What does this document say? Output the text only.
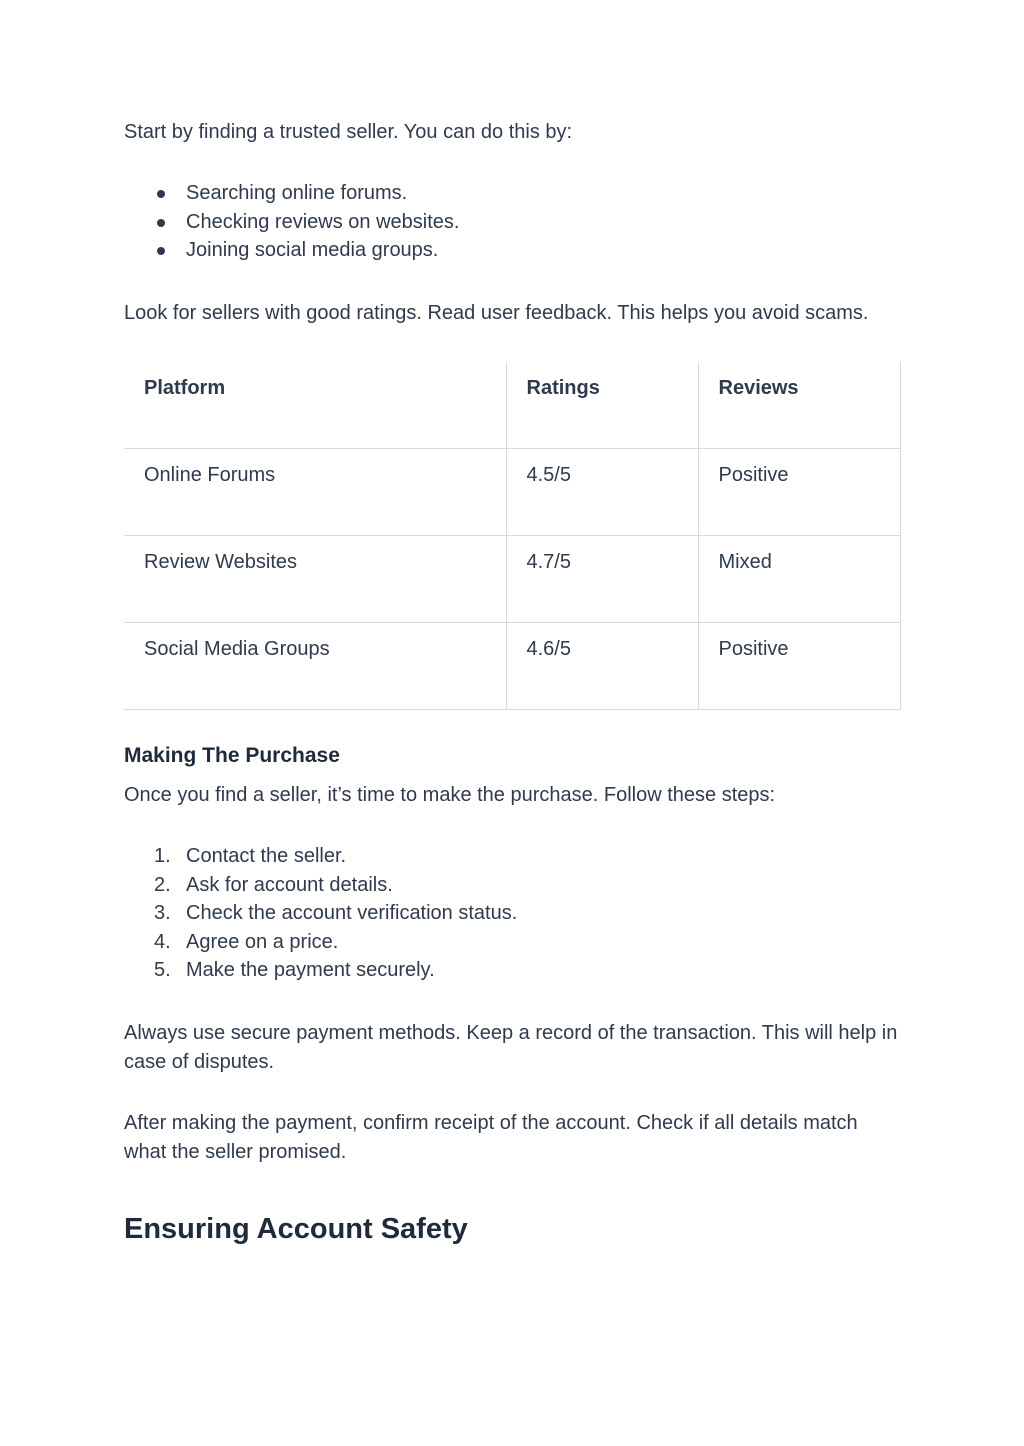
Start by finding a trusted seller. You can do this by:

Searching online forums.
Checking reviews on websites.
Joining social media groups.

Look for sellers with good ratings. Read user feedback. This helps you avoid scams.

Platform	Ratings	Reviews
Online Forums	4.5/5	Positive
Review Websites	4.7/5	Mixed
Social Media Groups	4.6/5	Positive
Making The Purchase

Once you find a seller, it’s time to make the purchase. Follow these steps:

1. Contact the seller.
2. Ask for account details.
3. Check the account verification status.
4. Agree on a price.
5. Make the payment securely.

Always use secure payment methods. Keep a record of the transaction. This will help in case of disputes.

After making the payment, confirm receipt of the account. Check if all details match what the seller promised.

Ensuring Account Safety
